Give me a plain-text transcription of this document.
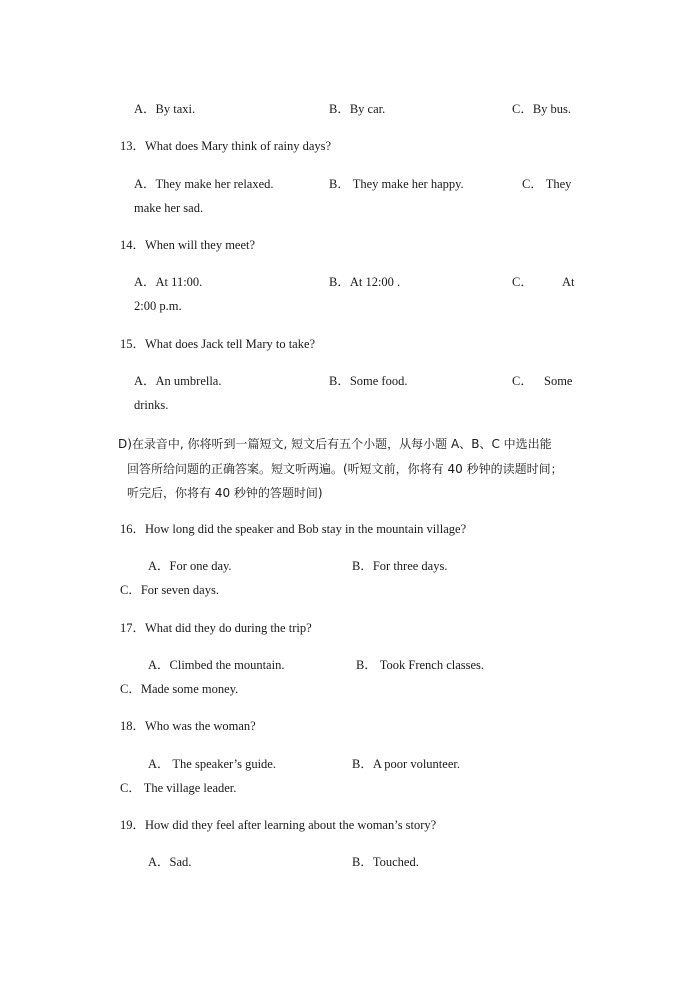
A．By taxi.	B．By car.	C．By bus.
13．What does Mary think of rainy days?
A．They make her relaxed.	B． They make her happy.	C． They
make her sad.
14．When will they meet?
A．At 11:00.	B．At 12:00 .	C． At
2:00 p.m.
15．What does Jack tell Mary to take?
A．An umbrella.	B．Some food.	C． Some
drinks.
D)在录音中, 你将听到一篇短文, 短文后有五个小题，从每小题 A、B、C 中选出能
回答所给问题的正确答案。短文听两遍。(听短文前，你将有 40 秒钟的读题时间；
听完后，你将有 40 秒钟的答题时间)
16．How long did the speaker and Bob stay in the mountain village?
A．For one day.	B．For three days.
C．For seven days.
17．What did they do during the trip?
A．Climbed the mountain.	B． Took French classes.
C．Made some money.
18．Who was the woman?
A． The speaker’s guide.	B．A poor volunteer.
C． The village leader.
19．How did they feel after learning about the woman’s story?
A．Sad.	B．Touched.
